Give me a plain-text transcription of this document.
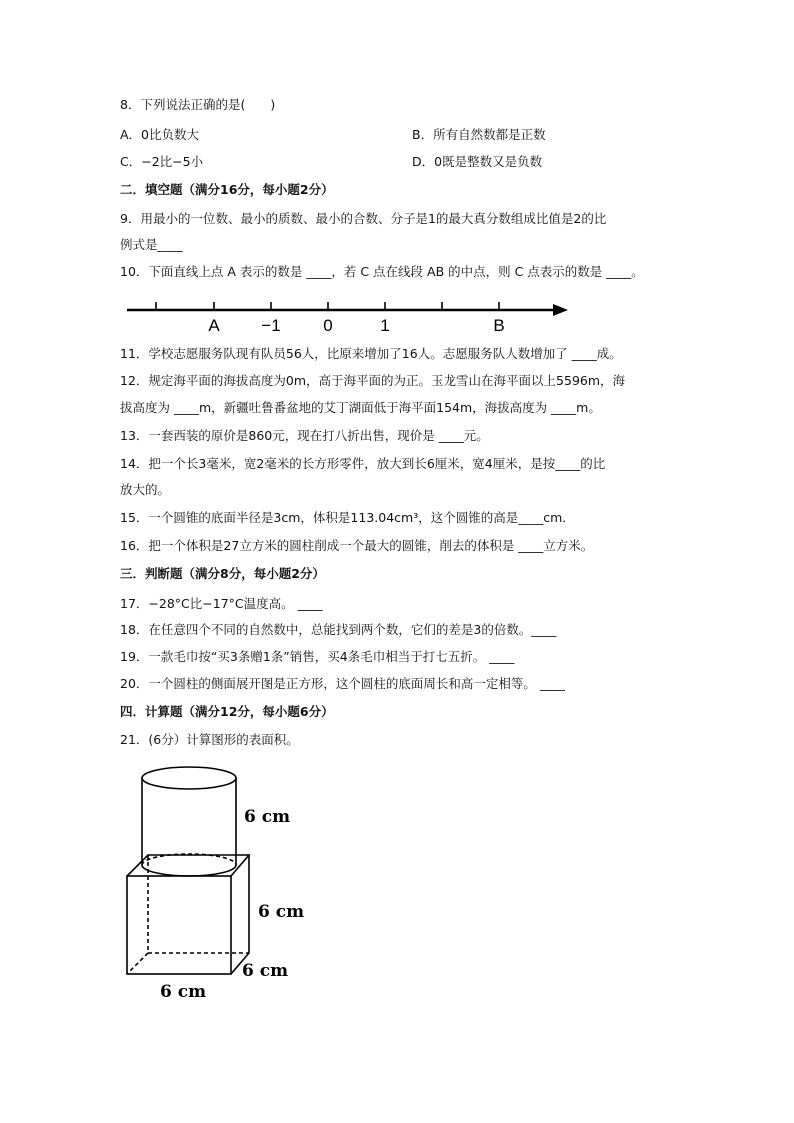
8．下列说法正确的是(　　)
A．0比负数大	B．所有自然数都是正数
C．−2比−5小	D．0既是整数又是负数
二．填空题（满分16分，每小题2分）
9．用最小的一位数、最小的质数、最小的合数、分子是1的最大真分数组成比值是2的比
例式是____
10．下面直线上点 A 表示的数是 ____，若 C 点在线段 AB 的中点，则 C 点表示的数是 ____。
A −1	0	1	B
11．学校志愿服务队现有队员56人，比原来增加了16人。志愿服务队人数增加了 ____成。
12．规定海平面的海拔高度为0m，高于海平面的为正。玉龙雪山在海平面以上5596m，海
拔高度为 ____m，新疆吐鲁番盆地的艾丁湖面低于海平面154m，海拔高度为 ____m。
13．一套西装的原价是860元，现在打八折出售，现价是 ____元。
14．把一个长3毫米，宽2毫米的长方形零件，放大到长6厘米，宽4厘米，是按____的比
放大的。
15．一个圆锥的底面半径是3cm，体积是113.04cm³，这个圆锥的高是____cm．
16．把一个体积是27立方米的圆柱削成一个最大的圆锥，削去的体积是 ____立方米。
三．判断题（满分8分，每小题2分）
17．−28°C比−17°C温度高。 ____
18．在任意四个不同的自然数中，总能找到两个数，它们的差是3的倍数。____
19．一款毛巾按“买3条赠1条”销售，买4条毛巾相当于打七五折。 ____
20．一个圆柱的侧面展开图是正方形，这个圆柱的底面周长和高一定相等。 ____
四．计算题（满分12分，每小题6分）
21．(6分）计算图形的表面积。
6 cm
6 cm
6 cm
6 cm
